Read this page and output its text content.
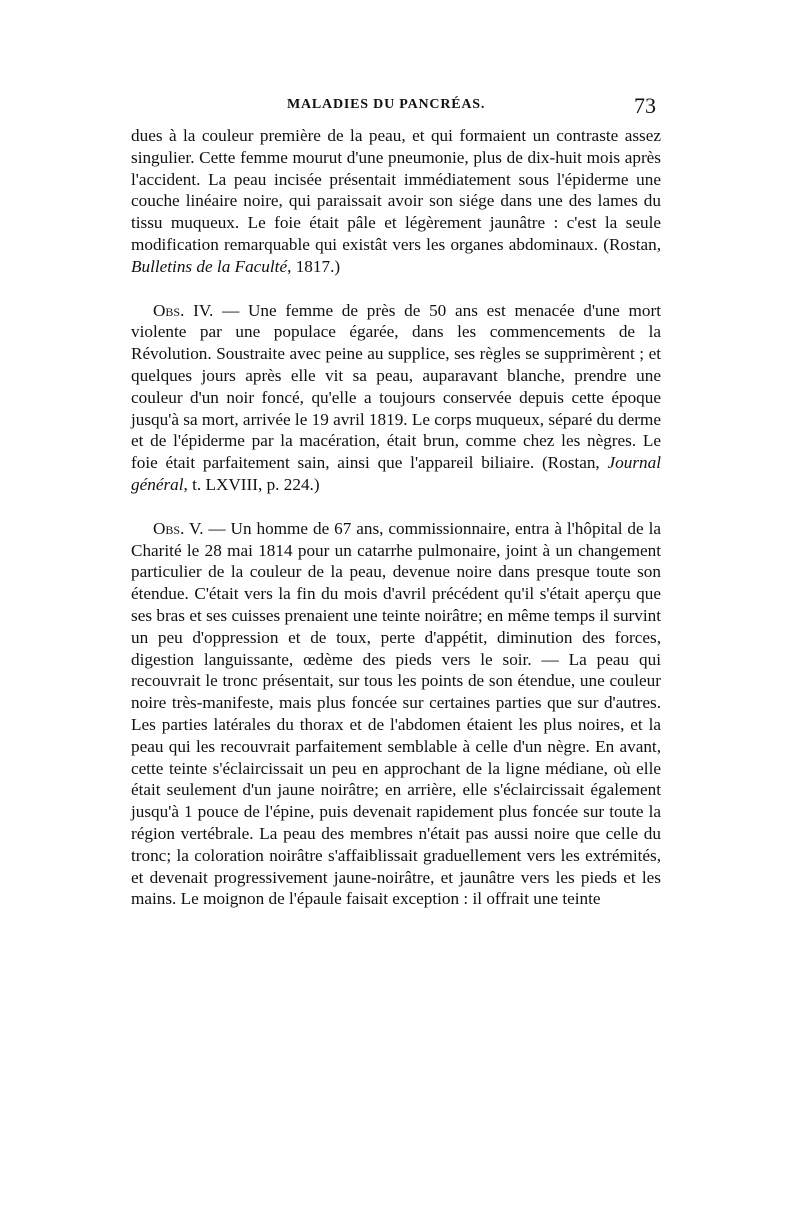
MALADIES DU PANCRÉAS.	73

dues à la couleur première de la peau, et qui formaient un contraste assez singulier. Cette femme mourut d'une pneumonie, plus de dix-huit mois après l'accident. La peau incisée présentait immédiatement sous l'épiderme une couche linéaire noire, qui paraissait avoir son siége dans une des lames du tissu muqueux. Le foie était pâle et légèrement jaunâtre : c'est la seule modification remarquable qui existât vers les organes abdominaux. (Rostan, Bulletins de la Faculté, 1817.)

Obs. IV. — Une femme de près de 50 ans est menacée d'une mort violente par une populace égarée, dans les commencements de la Révolution. Soustraite avec peine au supplice, ses règles se supprimèrent ; et quelques jours après elle vit sa peau, auparavant blanche, prendre une couleur d'un noir foncé, qu'elle a toujours conservée depuis cette époque jusqu'à sa mort, arrivée le 19 avril 1819. Le corps muqueux, séparé du derme et de l'épiderme par la macération, était brun, comme chez les nègres. Le foie était parfaitement sain, ainsi que l'appareil biliaire. (Rostan, Journal général, t. LXVIII, p. 224.)

Obs. V. — Un homme de 67 ans, commissionnaire, entra à l'hôpital de la Charité le 28 mai 1814 pour un catarrhe pulmonaire, joint à un changement particulier de la couleur de la peau, devenue noire dans presque toute son étendue. C'était vers la fin du mois d'avril précédent qu'il s'était aperçu que ses bras et ses cuisses prenaient une teinte noirâtre; en même temps il survint un peu d'oppression et de toux, perte d'appétit, diminution des forces, digestion languissante, œdème des pieds vers le soir. — La peau qui recouvrait le tronc présentait, sur tous les points de son étendue, une couleur noire très-manifeste, mais plus foncée sur certaines parties que sur d'autres. Les parties latérales du thorax et de l'abdomen étaient les plus noires, et la peau qui les recouvrait parfaitement semblable à celle d'un nègre. En avant, cette teinte s'éclaircissait un peu en approchant de la ligne médiane, où elle était seulement d'un jaune noirâtre; en arrière, elle s'éclaircissait également jusqu'à 1 pouce de l'épine, puis devenait rapidement plus foncée sur toute la région vertébrale. La peau des membres n'était pas aussi noire que celle du tronc; la coloration noirâtre s'affaiblissait graduellement vers les extrémités, et devenait progressivement jaune-noirâtre, et jaunâtre vers les pieds et les mains. Le moignon de l'épaule faisait exception : il offrait une teinte
